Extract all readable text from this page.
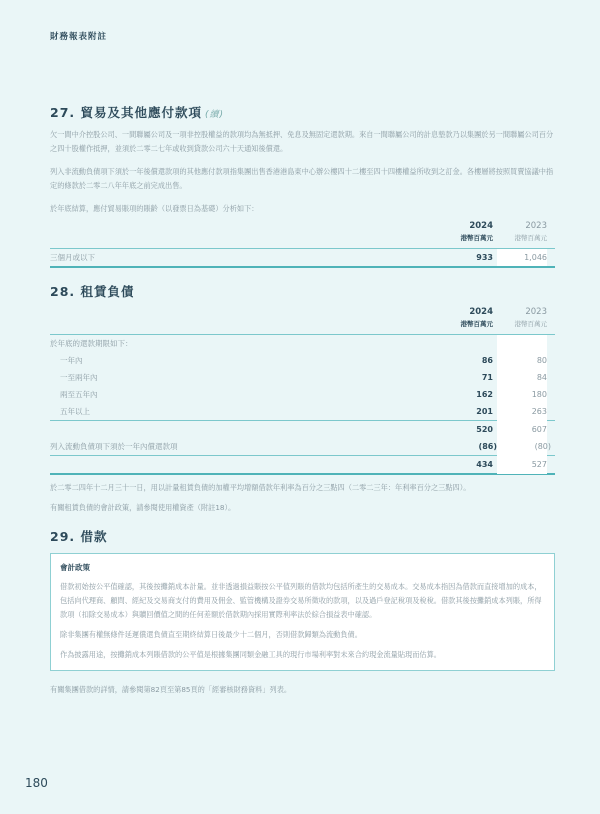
財務報表附註
27. 貿易及其他應付款項 (續)
欠一間中介控股公司、一間聯屬公司及一項非控股權益的款項均為無抵押、免息及無固定還款期。來自一間聯屬公司的計息墊款乃以集團於另一間聯屬公司百分之四十股權作抵押，並須於二零二七年或收到貸款公司六十天通知後償還。
列入非流動負債項下須於一年後償還款項的其他應付款項指集團出售香港港島東中心辦公樓四十二樓至四十四樓權益所收到之訂金。各樓層將按照買賣協議中指定的條款於二零二八年年底之前完成出售。
於年底結算，應付貿易賬項的賬齡（以發票日為基礎）分析如下：
2024
港幣百萬元
2023
港幣百萬元
三個月或以下	933	1,046
28. 租賃負債
2024
港幣百萬元
2023
港幣百萬元
於年底的還款期限如下：
一年內	86	80
一至兩年內	71	84
兩至五年內	162	180
五年以上	201	263
520	607
列入流動負債項下須於一年內償還款項	(86)	(80)
434	527
於二零二四年十二月三十一日，用以計量租賃負債的加權平均增額借款年利率為百分之三點四（二零二三年：年利率百分之三點四）。
有關租賃負債的會計政策，請參閱使用權資產（附註18）。
29. 借款
會計政策
借款初始按公平值確認，其後按攤銷成本計量。並非透過損益賬按公平值列賬的借款均包括所產生的交易成本。交易成本指因為借款而直接增加的成本，包括向代理商、顧問、經紀及交易商支付的費用及佣金、監管機構及證券交易所徵收的款項，以及過戶登記稅項及稅稅。借款其後按攤銷成本列賬，所得款項（扣除交易成本）與贖回價值之間的任何差額於借款期內採用實際利率法於綜合損益表中確認。
除非集團有權無條件延遲償還負債直至期終結算日後最少十二個月，否則借款歸類為流動負債。
作為披露用途，按攤銷成本列賬借款的公平值是根據集團同類金融工具的現行市場利率對未來合約現金流量貼現而估算。
有關集團借款的詳情，請參閱第82頁至第85頁的「經審核財務資料」列表。
180
